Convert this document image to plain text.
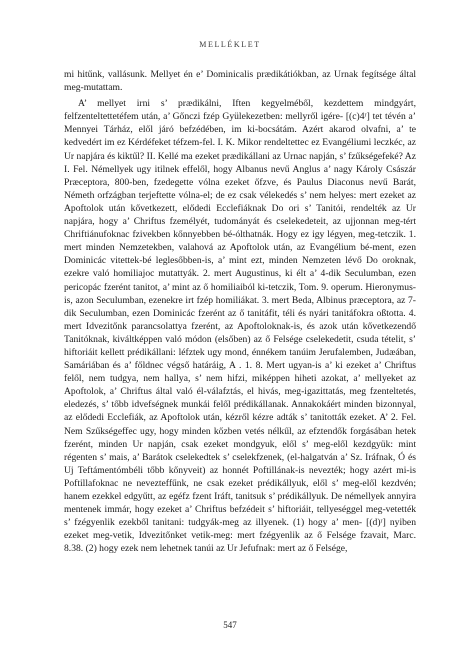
MELLÉKLET

mi hitűnk, vallásunk. Mellyet én e’ Dominicalis prædikátiókban, az Urnak fegítsége által meg-mutattam.

A’ mellyet irni s’ prædikálni, Iften kegyelméből, kezdettem mindgyárt, felfzenteltettetéfem után, a’ Gőnczi fzép Gyülekezetben: mellyről igére- [(c)4ʳ] tet tévén a’ Mennyei Tárház, elől járó befzédében, im ki-bocsátám. Azért akarod olvafni, a’ te kedvedért im ez Kérdéfeket téfzem-fel. I. K. Mikor rendeltettec ez Evangéliumi leczkéc, az Ur napjára és kiktűl? II. Kellé ma ezeket prædikállani az Urnac napján, s’ fzűkségefeké? Az I. Fel. Némellyek ugy itilnek effelől, hogy Albanus nevű Anglus a’ nagy Károly Császár Præceptora, 800-ben, fzedegette vólna ezeket őfzve, és Paulus Diaconus nevű Barát, Németh orfzágban terjeftette vólna-el; de ez csak vélekedés s’ nem helyes: mert ezeket az Apoftolok után kővetkezett, elődedi Ecclefiáknak Do ori s’ Tanitói, rendelték az Ur napjára, hogy a’ Chriftus fzemélyét, tudományát és cselekedeteit, az ujjonnan meg-tért Chriftiánufoknac fzivekben kőnnyebben bé-ólthatnák. Hogy ez igy légyen, meg-tetczik. 1. mert minden Nemzetekben, valahová az Apoftolok után, az Evangélium bé-ment, ezen Dominicác vitettek-bé leglesőbben-is, a’ mint ezt, minden Nemzeten lévő Do oroknak, ezekre való homiliajoc mutattyák. 2. mert Augustinus, ki élt a’ 4-dik Seculumban, ezen pericopác fzerént tanitot, a’ mint az ő homiliaiból ki-tetczik, Tom. 9. operum. Hieronymus-is, azon Seculumban, ezenekre irt fzép homiliákat. 3. mert Beda, Albinus præceptora, az 7-dik Seculumban, ezen Dominicác fzerént az ő tanitáfit, téli és nyári tanitáfokra oßtotta. 4. mert Idvezitőnk parancsolattya fzerént, az Apoftoloknak-is, és azok után kővetkezendő Tanitóknak, kiváltképpen való módon (elsőben) az ő Felsége cselekedetit, csuda tételit, s’ hiftoriáit kellett prédikállani: léfztek ugy mond, énnékem tanúim Jerufalemben, Judæában, Samáriában és a’ főldnec végső határáig, A . 1. 8. Mert ugyan-is a’ ki ezeket a’ Chriftus felől, nem tudgya, nem hallya, s’ nem hifzi, miképpen hiheti azokat, a’ mellyeket az Apoftolok, a’ Chriftus által való él-válafztás, el hivás, meg-igazittatás, meg fzenteltetés, eledezés, s’ tőbb idvefségnek munkái felől prédikállanak. Annakokáért minden bizonnyal, az elődedi Ecclefiák, az Apoftolok után, kézről kézre adták s’ tanitották ezeket. A’ 2. Fel. Nem Szűkségeffec ugy, hogy minden kőzben vetés nélkűl, az efztendők forgásában hetek fzerént, minden Ur napján, csak ezeket mondgyuk, elől s’ meg-elől kezdgyük: mint régenten s’ mais, a’ Barátok cselekedtek s’ cselekfzenek, (el-halgatván a’ Sz. Iráfnak, Ó és Uj Teftámentómbéli tőbb kőnyveit) az honnét Poftillának-is nevezték; hogy azért mi-is Poftillafoknac ne nevezteffűnk, ne csak ezeket prédikállyuk, elől s’ meg-elől kezdvén; hanem ezekkel edgyűtt, az egéfz fzent Iráft, tanitsuk s’ prédikállyuk. De némellyek annyira mentenek immár, hogy ezeket a’ Chriftus befzédeit s’ hiftoriáit, tellyeséggel meg-vetették s’ fzégyenlik ezekből tanitani: tudgyák-meg az illyenek. (1) hogy a’ men- [(d)ʳ] nyiben ezeket meg-vetik, Idvezitőnket vetik-meg: mert fzégyenlik az ő Felsége fzavait, Marc. 8.38. (2) hogy ezek nem lehetnek tanúi az Ur Jefufnak: mert az ő Felsége,

547
